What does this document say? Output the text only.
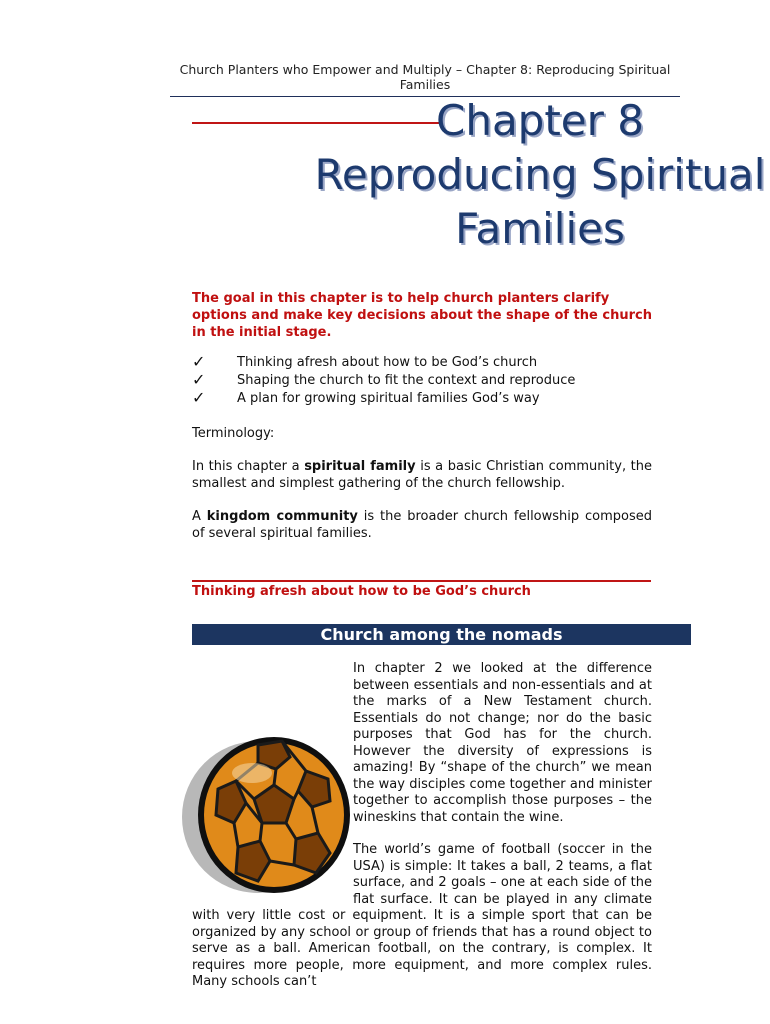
Church Planters who Empower and Multiply – Chapter 8: Reproducing Spiritual Families
Chapter 8
Reproducing Spiritual
Families
The goal in this chapter is to help church planters clarify options and make key decisions about the shape of the church in the initial stage.
✓ Thinking afresh about how to be God’s church
✓ Shaping the church to fit the context and reproduce
✓ A plan for growing spiritual families God’s way
Terminology:
In this chapter a spiritual family is a basic Christian community, the smallest and simplest gathering of the church fellowship.
A kingdom community is the broader church fellowship composed of several spiritual families.
Thinking afresh about how to be God’s church
Church among the nomads

In chapter 2 we looked at the difference between essentials and non-essentials and at the marks of a New Testament church. Essentials do not change; nor do the basic purposes that God has for the church. However the diversity of expressions is amazing! By “shape of the church” we mean the way disciples come together and minister together to accomplish those purposes – the wineskins that contain the wine.

The world’s game of football (soccer in the USA) is simple: It takes a ball, 2 teams, a flat surface, and 2 goals – one at each side of the flat surface. It can be played in any climate with very little cost or equipment. It is a simple sport that can be organized by any school or group of friends that has a round object to serve as a ball. American football, on the contrary, is complex. It requires more people, more equipment, and more complex rules. Many schools can’t
